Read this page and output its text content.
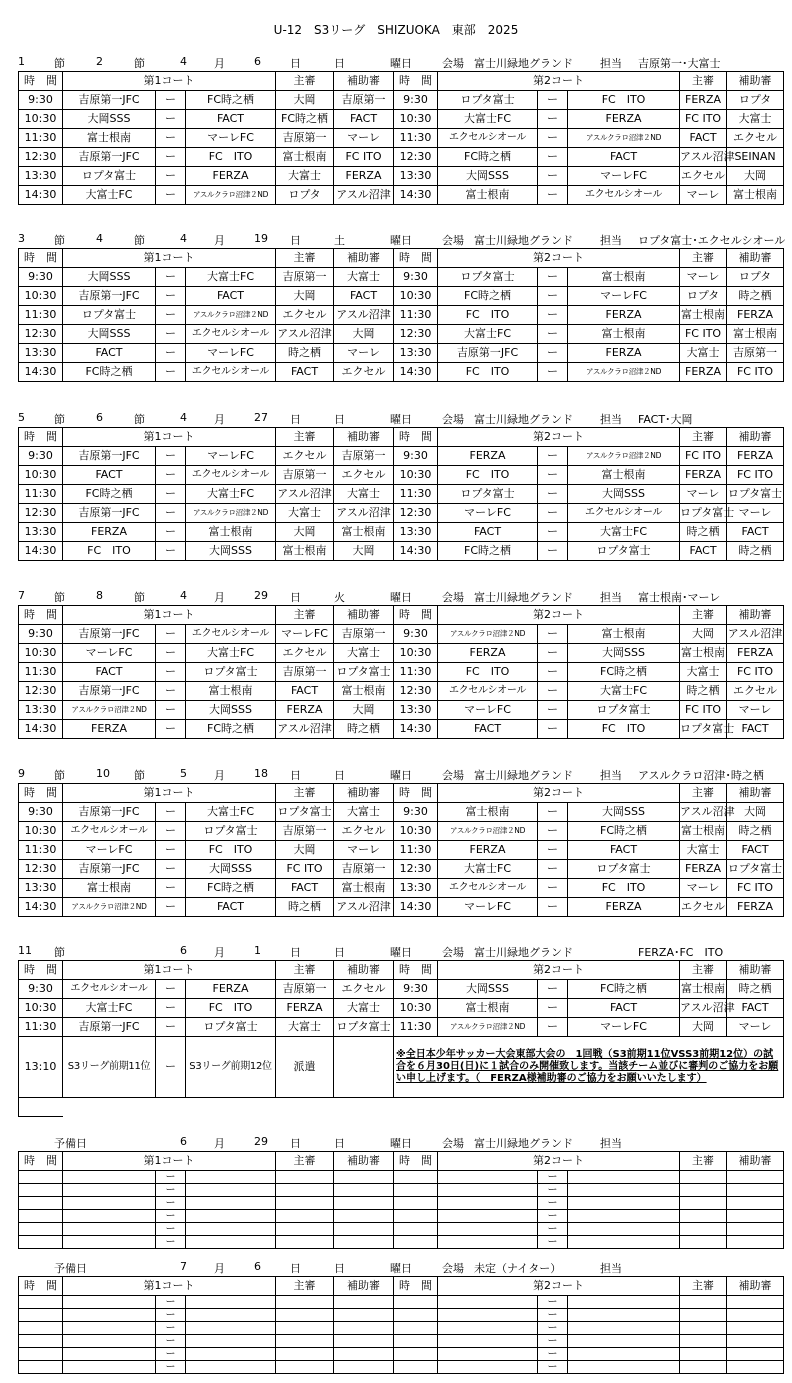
U-12　S3リーグ　SHIZUOKA　東部　2025
1	節	2	節	4 月	6	日	日	曜日	会場 富士川緑地グランド 担当 吉原第一･大富士
時　間	第1コート			主審	補助審	時　間	第2コート			主審	補助審
9:30	吉原第一JFC	ー	FC時之栖	大岡	吉原第一	9:30	ロプタ富士	ー	FC　ITO	FERZA	ロプタ
10:30	大岡SSS	ー	FACT	FC時之栖	FACT	10:30	大富士FC	ー	FERZA	FC ITO	大富士
11:30	富士根南	ー	マーレFC	吉原第一	マーレ	11:30	エクセルシオール	ー	アスルクラロ沼津２ND	FACT	エクセル
12:30	吉原第一JFC	ー	FC　ITO	富士根南	FC ITO	12:30	FC時之栖	ー	FACT	アスル沼津	SEINAN
13:30	ロプタ富士	ー	FERZA	大富士	FERZA	13:30	大岡SSS	ー	マーレFC	エクセル	大岡
14:30	大富士FC	ー	アスルクラロ沼津２ND	ロプタ	アスル沼津	14:30	富士根南	ー	エクセルシオール	マーレ	富士根南
3	節	4	節	4 月	19 日	土	曜日	会場 富士川緑地グランド 担当 ロプタ富士･エクセルシオール
時　間	第1コート			主審	補助審	時　間	第2コート			主審	補助審
9:30	大岡SSS	ー	大富士FC	吉原第一	大富士	9:30	ロプタ富士	ー	富士根南	マーレ	ロプタ
10:30	吉原第一JFC	ー	FACT	大岡	FACT	10:30	FC時之栖	ー	マーレFC	ロプタ	時之栖
11:30	ロプタ富士	ー	アスルクラロ沼津２ND	エクセル	アスル沼津	11:30	FC　ITO	ー	FERZA	富士根南	FERZA
12:30	大岡SSS	ー	エクセルシオール	アスル沼津	大岡	12:30	大富士FC	ー	富士根南	FC ITO	富士根南
13:30	FACT	ー	マーレFC	時之栖	マーレ	13:30	吉原第一JFC	ー	FERZA	大富士	吉原第一
14:30	FC時之栖	ー	エクセルシオール	FACT	エクセル	14:30	FC　ITO	ー	アスルクラロ沼津２ND	FERZA	FC ITO
5	節	6	節	4 月	27 日	日	曜日	会場 富士川緑地グランド 担当 FACT･大岡
時　間	第1コート			主審	補助審	時　間	第2コート			主審	補助審
9:30	吉原第一JFC	ー	マーレFC	エクセル	吉原第一	9:30	FERZA	ー	アスルクラロ沼津２ND	FC ITO	FERZA
10:30	FACT	ー	エクセルシオール	吉原第一	エクセル	10:30	FC　ITO	ー	富士根南	FERZA	FC ITO
11:30	FC時之栖	ー	大富士FC	アスル沼津	大富士	11:30	ロプタ富士	ー	大岡SSS	マーレ	ロプタ富士
12:30	吉原第一JFC	ー	アスルクラロ沼津２ND	大富士	アスル沼津	12:30	マーレFC	ー	エクセルシオール	ロプタ富士	マーレ
13:30	FERZA	ー	富士根南	大岡	富士根南	13:30	FACT	ー	大富士FC	時之栖	FACT
14:30	FC　ITO	ー	大岡SSS	富士根南	大岡	14:30	FC時之栖	ー	ロプタ富士	FACT	時之栖
7	節	8	節	4 月	29 日	火	曜日	会場 富士川緑地グランド 担当 富士根南･マーレ
時　間	第1コート			主審	補助審	時　間	第2コート			主審	補助審
9:30	吉原第一JFC	ー	エクセルシオール	マーレFC	吉原第一	9:30	アスルクラロ沼津２ND	ー	富士根南	大岡	アスル沼津
10:30	マーレFC	ー	大富士FC	エクセル	大富士	10:30	FERZA	ー	大岡SSS	富士根南	FERZA
11:30	FACT	ー	ロプタ富士	吉原第一	ロプタ富士	11:30	FC　ITO	ー	FC時之栖	大富士	FC ITO
12:30	吉原第一JFC	ー	富士根南	FACT	富士根南	12:30	エクセルシオール	ー	大富士FC	時之栖	エクセル
13:30	アスルクラロ沼津２ND	ー	大岡SSS	FERZA	大岡	13:30	マーレFC	ー	ロプタ富士	FC ITO	マーレ
14:30	FERZA	ー	FC時之栖	アスル沼津	時之栖	14:30	FACT	ー	FC　ITO	ロプタ富士	FACT
9	節	10 節	5 月	18 日	日	曜日	会場 富士川緑地グランド 担当 アスルクラロ沼津･時之栖
時　間	第1コート			主審	補助審	時　間	第2コート			主審	補助審
9:30	吉原第一JFC	ー	大富士FC	ロプタ富士	大富士	9:30	富士根南	ー	大岡SSS	アスル沼津	大岡
10:30	エクセルシオール	ー	ロプタ富士	吉原第一	エクセル	10:30	アスルクラロ沼津２ND	ー	FC時之栖	富士根南	時之栖
11:30	マーレFC	ー	FC　ITO	大岡	マーレ	11:30	FERZA	ー	FACT	大富士	FACT
12:30	吉原第一JFC	ー	大岡SSS	FC ITO	吉原第一	12:30	大富士FC	ー	ロプタ富士	FERZA	ロプタ富士
13:30	富士根南	ー	FC時之栖	FACT	富士根南	13:30	エクセルシオール	ー	FC　ITO	マーレ	FC ITO
14:30	アスルクラロ沼津２ND	ー	FACT	時之栖	アスル沼津	14:30	マーレFC	ー	FERZA	エクセル	FERZA
11 節	6 月	1	日	日	曜日	会場 富士川緑地グランド	FERZA･FC　ITO
時　間	第1コート			主審	補助審	時　間	第2コート			主審	補助審
9:30	エクセルシオール	ー	FERZA	吉原第一	エクセル	9:30	大岡SSS	ー	FC時之栖	富士根南	時之栖
10:30	大富士FC	ー	FC　ITO	FERZA	大富士	10:30	富士根南	ー	FACT	アスル沼津	FACT
11:30	吉原第一JFC	ー	ロプタ富士	大富士	ロプタ富士	11:30	アスルクラロ沼津２ND	ー	マーレFC	大岡	マーレ
13:10	S3リーグ前期11位	ー	S3リーグ前期12位	派遣		※全日本少年サッカー大会東部大会の　1回戦（S3前期11位VSS3前期12位）の試合を６月30日(日)に１試合のみ開催致します。当該チーム並びに審判のご協力をお願い申し上げます。（　FERZA様補助審のご協力をお願いいたします）					
予備日	6 月	29 日	日	曜日	会場 富士川緑地グランド 担当
時　間	第1コート			主審	補助審	時　間	第2コート			主審	補助審
		ー						ー			
		ー						ー			
		ー						ー			
		ー						ー			
		ー						ー			
		ー						ー			
予備日	7 月	6	日	日	曜日	会場 未定（ナイター）	担当
時　間	第1コート			主審	補助審	時　間	第2コート			主審	補助審
		ー						ー			
		ー						ー			
		ー						ー			
		ー						ー			
		ー						ー			
		ー						ー			
